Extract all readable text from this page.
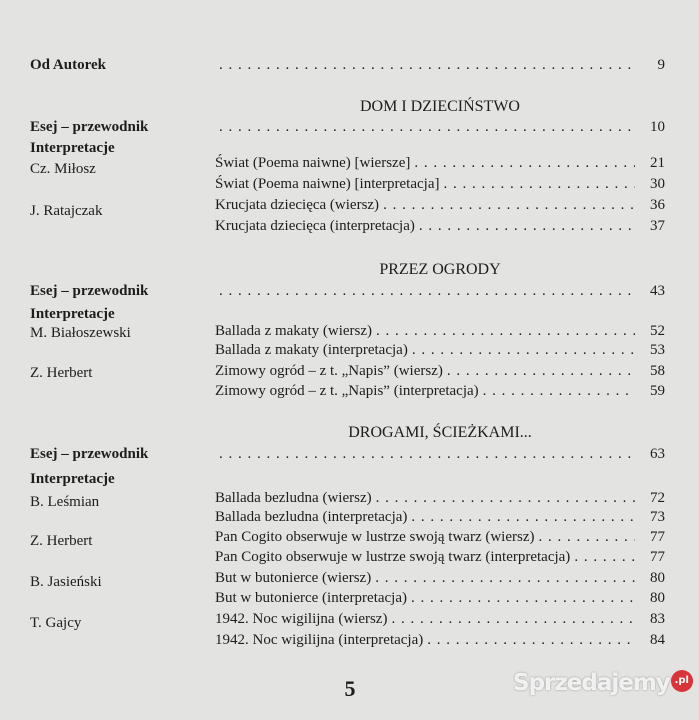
Od Autorek . . .	9
DOM I DZIECIŃSTWO
Esej – przewodnik . . .	10
Interpretacje
Cz. Miłosz	Świat (Poema naiwne) [wiersze] . . .	21
Świat (Poema naiwne) [interpretacja] . . .	30
J. Ratajczak	Krucjata dziecięca (wiersz) . . .	36
Krucjata dziecięca (interpretacja) . . .	37
PRZEZ OGRODY
Esej – przewodnik . . .	43
Interpretacje
M. Białoszewski	Ballada z makaty (wiersz) . . .	52
Ballada z makaty (interpretacja) . . .	53
Z. Herbert	Zimowy ogród – z t. „Napis” (wiersz) . . .	58
Zimowy ogród – z t. „Napis” (interpretacja) . . .	59
DROGAMI, ŚCIEŻKAMI...
Esej – przewodnik . . .	63
Interpretacje
B. Leśmian	Ballada bezludna (wiersz) . . .	72
Ballada bezludna (interpretacja) . . .	73
Z. Herbert	Pan Cogito obserwuje w lustrze swoją twarz (wiersz) . . .	77
Pan Cogito obserwuje w lustrze swoją twarz (interpretacja) . . .	77
B. Jasieński	But w butonierce (wiersz) . . .	80
But w butonierce (interpretacja) . . .	80
T. Gajcy	1942. Noc wigilijna (wiersz) . . .	83
1942. Noc wigilijna (interpretacja) . . .	84
5	Sprzedajemy .pl
